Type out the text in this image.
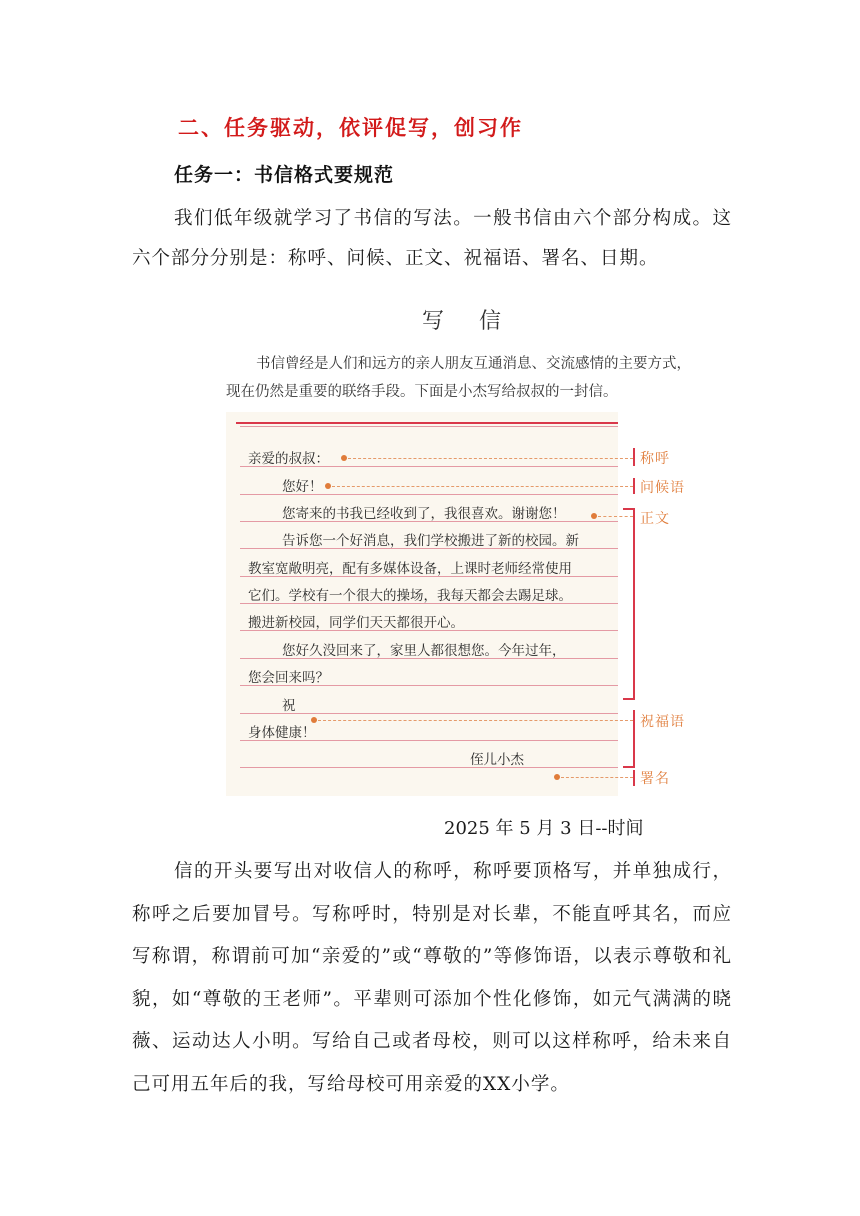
二、任务驱动，依评促写，创习作
任务一：书信格式要规范
我们低年级就学习了书信的写法。一般书信由六个部分构成。这六个部分分别是：称呼、问候、正文、祝福语、署名、日期。
写 信
书信曾经是人们和远方的亲人朋友互通消息、交流感情的主要方式，现在仍然是重要的联络手段。下面是小杰写给叔叔的一封信。
亲爱的叔叔：
您好！
您寄来的书我已经收到了，我很喜欢。谢谢您！
告诉您一个好消息，我们学校搬进了新的校园。新
教室宽敞明亮，配有多媒体设备，上课时老师经常使用
它们。学校有一个很大的操场，我每天都会去踢足球。
搬进新校园，同学们天天都很开心。
您好久没回来了，家里人都很想您。今年过年，
您会回来吗？
祝
身体健康！
侄儿小杰
称呼
问候语
正文
祝福语
署名
2025 年 5 月 3 日--时间
信的开头要写出对收信人的称呼，称呼要顶格写，并单独成行，称呼之后要加冒号。写称呼时，特别是对长辈，不能直呼其名，而应写称谓，称谓前可加“亲爱的”或“尊敬的”等修饰语，以表示尊敬和礼貌，如“尊敬的王老师”。平辈则可添加个性化修饰，如元气满满的晓薇、运动达人小明。写给自己或者母校，则可以这样称呼，给未来自己可用五年后的我，写给母校可用亲爱的XX小学。
